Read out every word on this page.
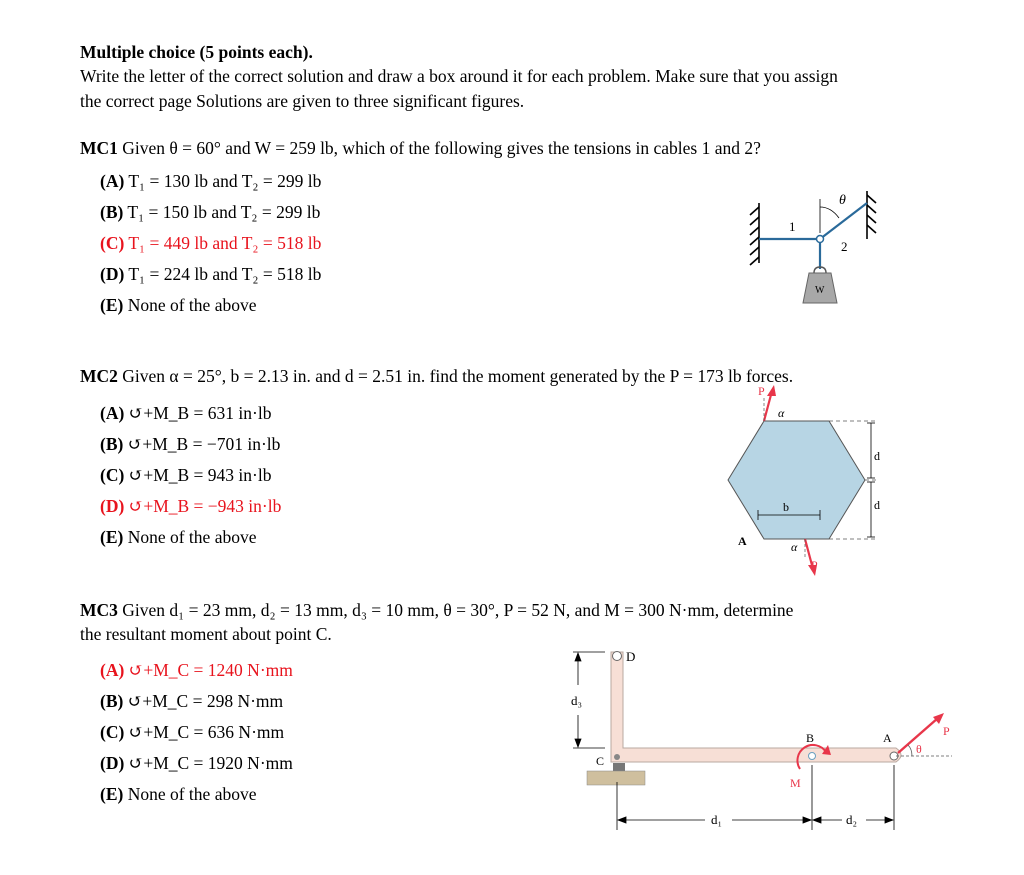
Multiple choice (5 points each).
Write the letter of the correct solution and draw a box around it for each problem. Make sure that you assign
the correct page Solutions are given to three significant figures.
MC1 Given θ = 60° and W = 259 lb, which of the following gives the tensions in cables 1 and 2?
(A) T₁ = 130 lb and T₂ = 299 lb
(B) T₁ = 150 lb and T₂ = 299 lb
(C) T₁ = 449 lb and T₂ = 518 lb
(D) T₁ = 224 lb and T₂ = 518 lb
(E) None of the above
θ
1
2
W
MC2 Given α = 25°, b = 2.13 in. and d = 2.51 in. find the moment generated by the P = 173 lb forces.
(A) ↺+M_B = 631 in·lb
(B) ↺+M_B = −701 in·lb
(C) ↺+M_B = 943 in·lb
(D) ↺+M_B = −943 in·lb
(E) None of the above
d
d
b
A
P
α
P
α
MC3 Given d₁ = 23 mm, d₂ = 13 mm, d₃ = 10 mm, θ = 30°, P = 52 N, and M = 300 N·mm, determine
the resultant moment about point C.
(A) ↺+M_C = 1240 N·mm
(B) ↺+M_C = 298 N·mm
(C) ↺+M_C = 636 N·mm
(D) ↺+M_C = 1920 N·mm
(E) None of the above
D
C
B	A
d₃
d₁	d₂
M
P
θ
